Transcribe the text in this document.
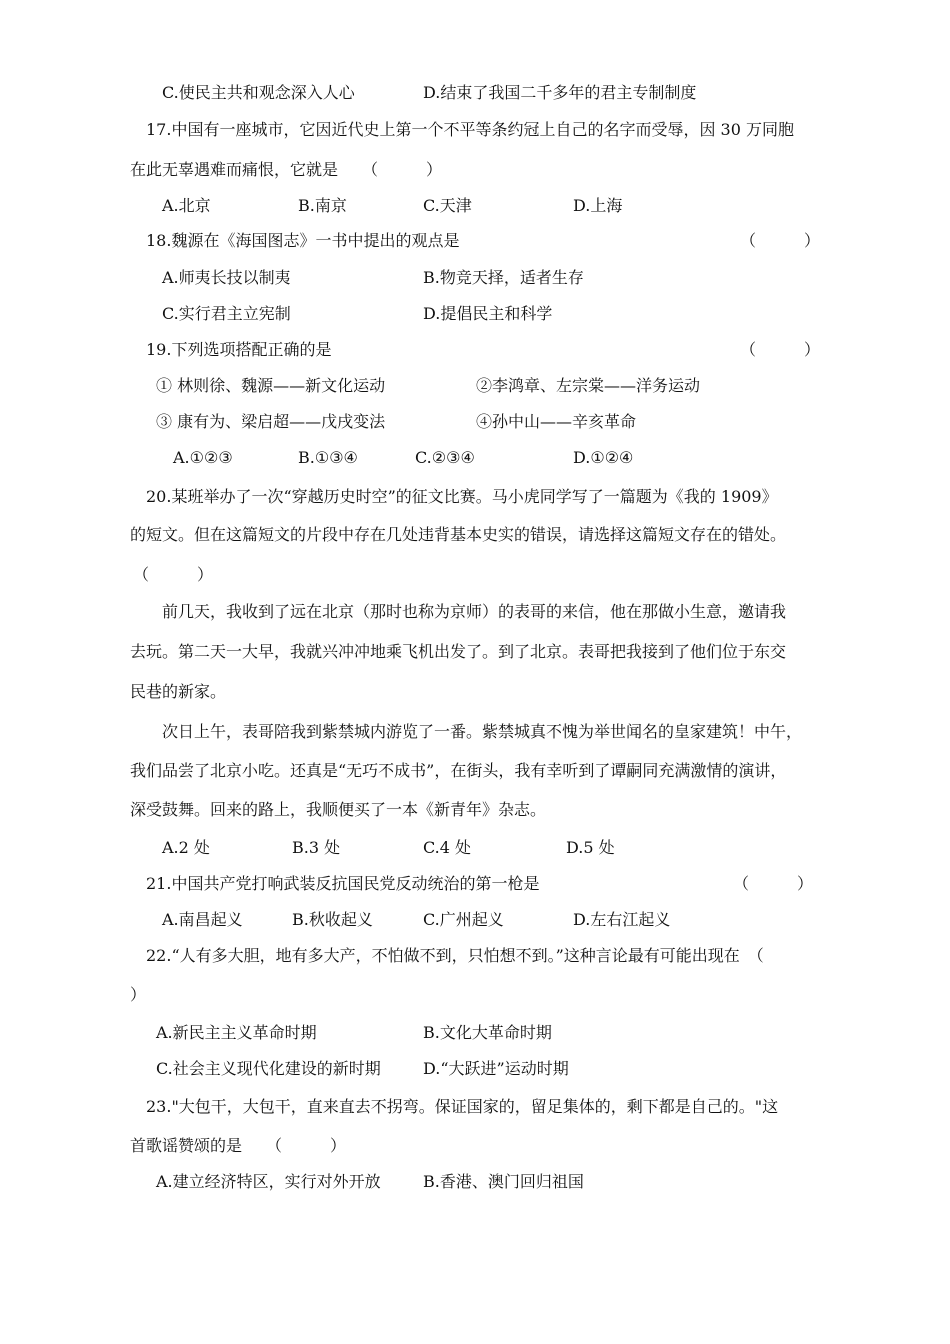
C.使民主共和观念深入人心	D.结束了我国二千多年的君主专制制度
17.中国有一座城市，它因近代史上第一个不平等条约冠上自己的名字而受辱，因 30 万同胞
在此无辜遇难而痛恨，它就是　　（　　　）
A.北京	B.南京	C.天津	D.上海
18.魏源在《海国图志》一书中提出的观点是	（　　　）
A.师夷长技以制夷	B.物竞天择，适者生存
C.实行君主立宪制	D.提倡民主和科学
19.下列选项搭配正确的是	（　　　）
① 林则徐、魏源——新文化运动	②李鸿章、左宗棠——洋务运动
③ 康有为、梁启超——戊戌变法	④孙中山——辛亥革命
A.①②③	B.①③④	C.②③④	D.①②④
20.某班举办了一次“穿越历史时空”的征文比赛。马小虎同学写了一篇题为《我的 1909》
的短文。但在这篇短文的片段中存在几处违背基本史实的错误，请选择这篇短文存在的错处。
（　　　）
前几天，我收到了远在北京（那时也称为京师）的表哥的来信，他在那做小生意，邀请我
去玩。第二天一大早，我就兴冲冲地乘飞机出发了。到了北京。表哥把我接到了他们位于东交
民巷的新家。
次日上午，表哥陪我到紫禁城内游览了一番。紫禁城真不愧为举世闻名的皇家建筑！中午，
我们品尝了北京小吃。还真是“无巧不成书”，在街头，我有幸听到了谭嗣同充满激情的演讲，
深受鼓舞。回来的路上，我顺便买了一本《新青年》杂志。
A.2 处	B.3 处	C.4 处	D.5 处
21.中国共产党打响武装反抗国民党反动统治的第一枪是	（　　　）
A.南昌起义	B.秋收起义	C.广州起义	D.左右江起义
22.“人有多大胆，地有多大产，不怕做不到，只怕想不到。”这种言论最有可能出现在　（
）
A.新民主主义革命时期	B.文化大革命时期
C.社会主义现代化建设的新时期	D.“大跃进”运动时期
23."大包干，大包干，直来直去不拐弯。保证国家的，留足集体的，剩下都是自己的。"这
首歌谣赞颂的是　　（　　　）
A.建立经济特区，实行对外开放	B.香港、澳门回归祖国
